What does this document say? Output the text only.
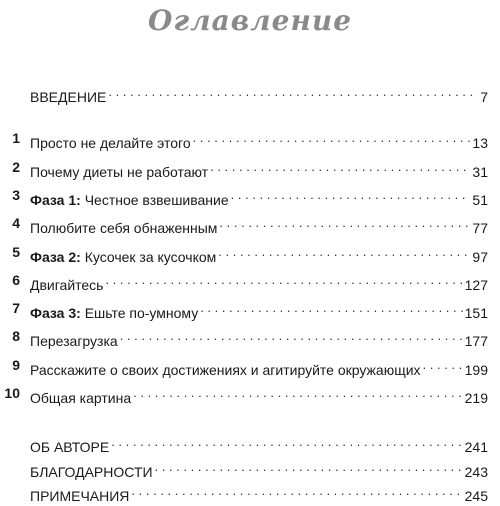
Оглавление
ВВЕДЕНИЕ . . .	7
1 Просто не делайте этого . . .	13
2 Почему диеты не работают . . .	31
3 Фаза 1: Честное взвешивание . . .	51
4 Полюбите себя обнаженным . . .	77
5 Фаза 2: Кусочек за кусочком . . .	97
6 Двигайтесь . . .	127
7 Фаза 3: Ешьте по-умному . . .	151
8 Перезагрузка . . .	177
9 Расскажите о своих достижениях и агитируйте окружающих . . .	199
10 Общая картина . . .	219
ОБ АВТОРЕ . . .	241
БЛАГОДАРНОСТИ . . .	243
ПРИМЕЧАНИЯ . . .	245
